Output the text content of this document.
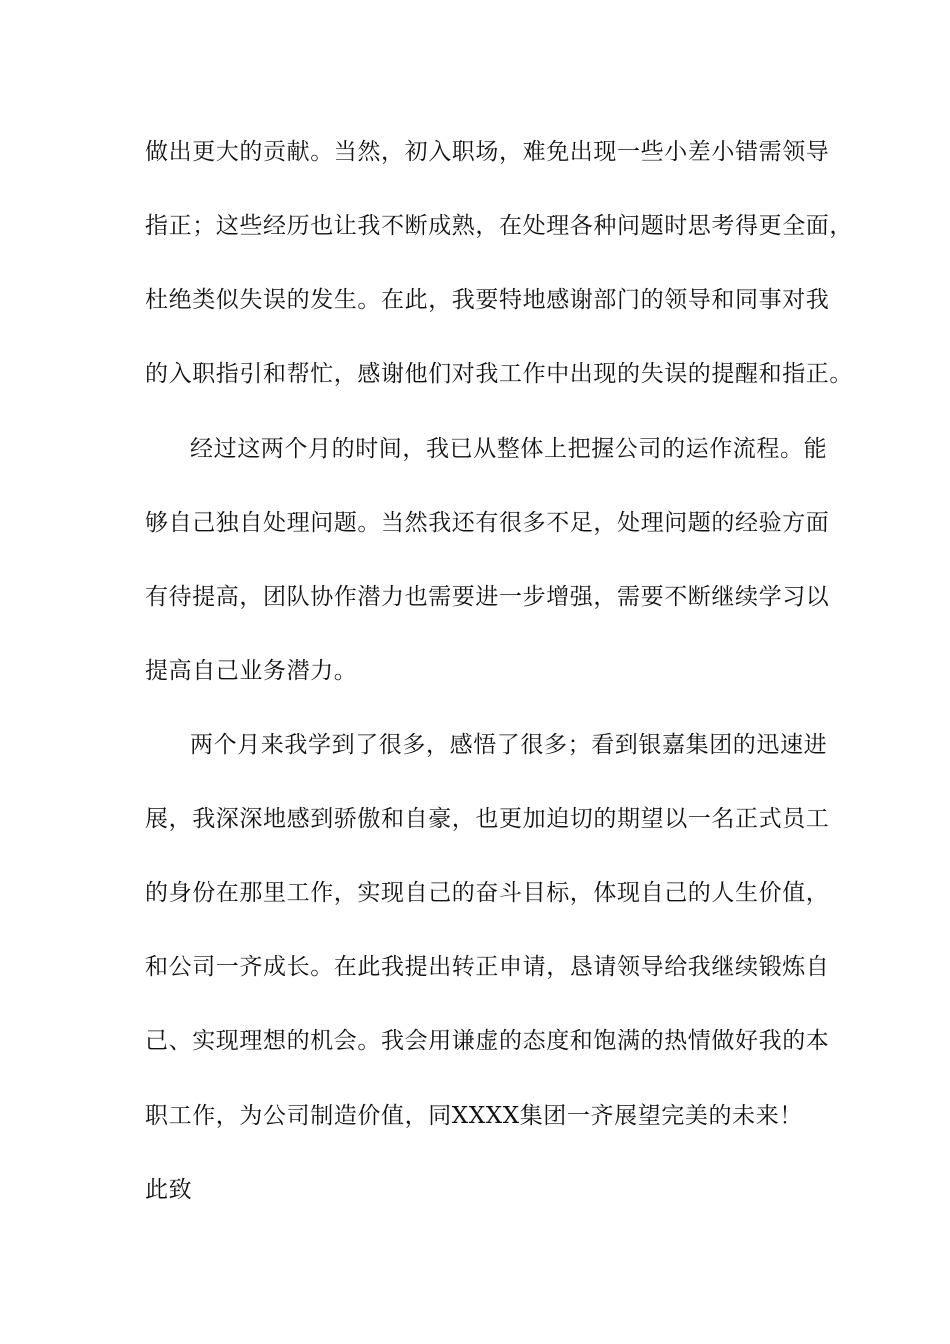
做出更大的贡献。当然，初入职场，难免出现一些小差小错需领导
指正；这些经历也让我不断成熟，在处理各种问题时思考得更全面，
杜绝类似失误的发生。在此，我要特地感谢部门的领导和同事对我
的入职指引和帮忙，感谢他们对我工作中出现的失误的提醒和指正。
经过这两个月的时间，我已从整体上把握公司的运作流程。能
够自己独自处理问题。当然我还有很多不足，处理问题的经验方面
有待提高，团队协作潜力也需要进一步增强，需要不断继续学习以
提高自己业务潜力。
两个月来我学到了很多，感悟了很多；看到银嘉集团的迅速进
展，我深深地感到骄傲和自豪，也更加迫切的期望以一名正式员工
的身份在那里工作，实现自己的奋斗目标，体现自己的人生价值，
和公司一齐成长。在此我提出转正申请，恳请领导给我继续锻炼自
己、实现理想的机会。我会用谦虚的态度和饱满的热情做好我的本
职工作，为公司制造价值，同XXXX集团一齐展望完美的未来！
此致
